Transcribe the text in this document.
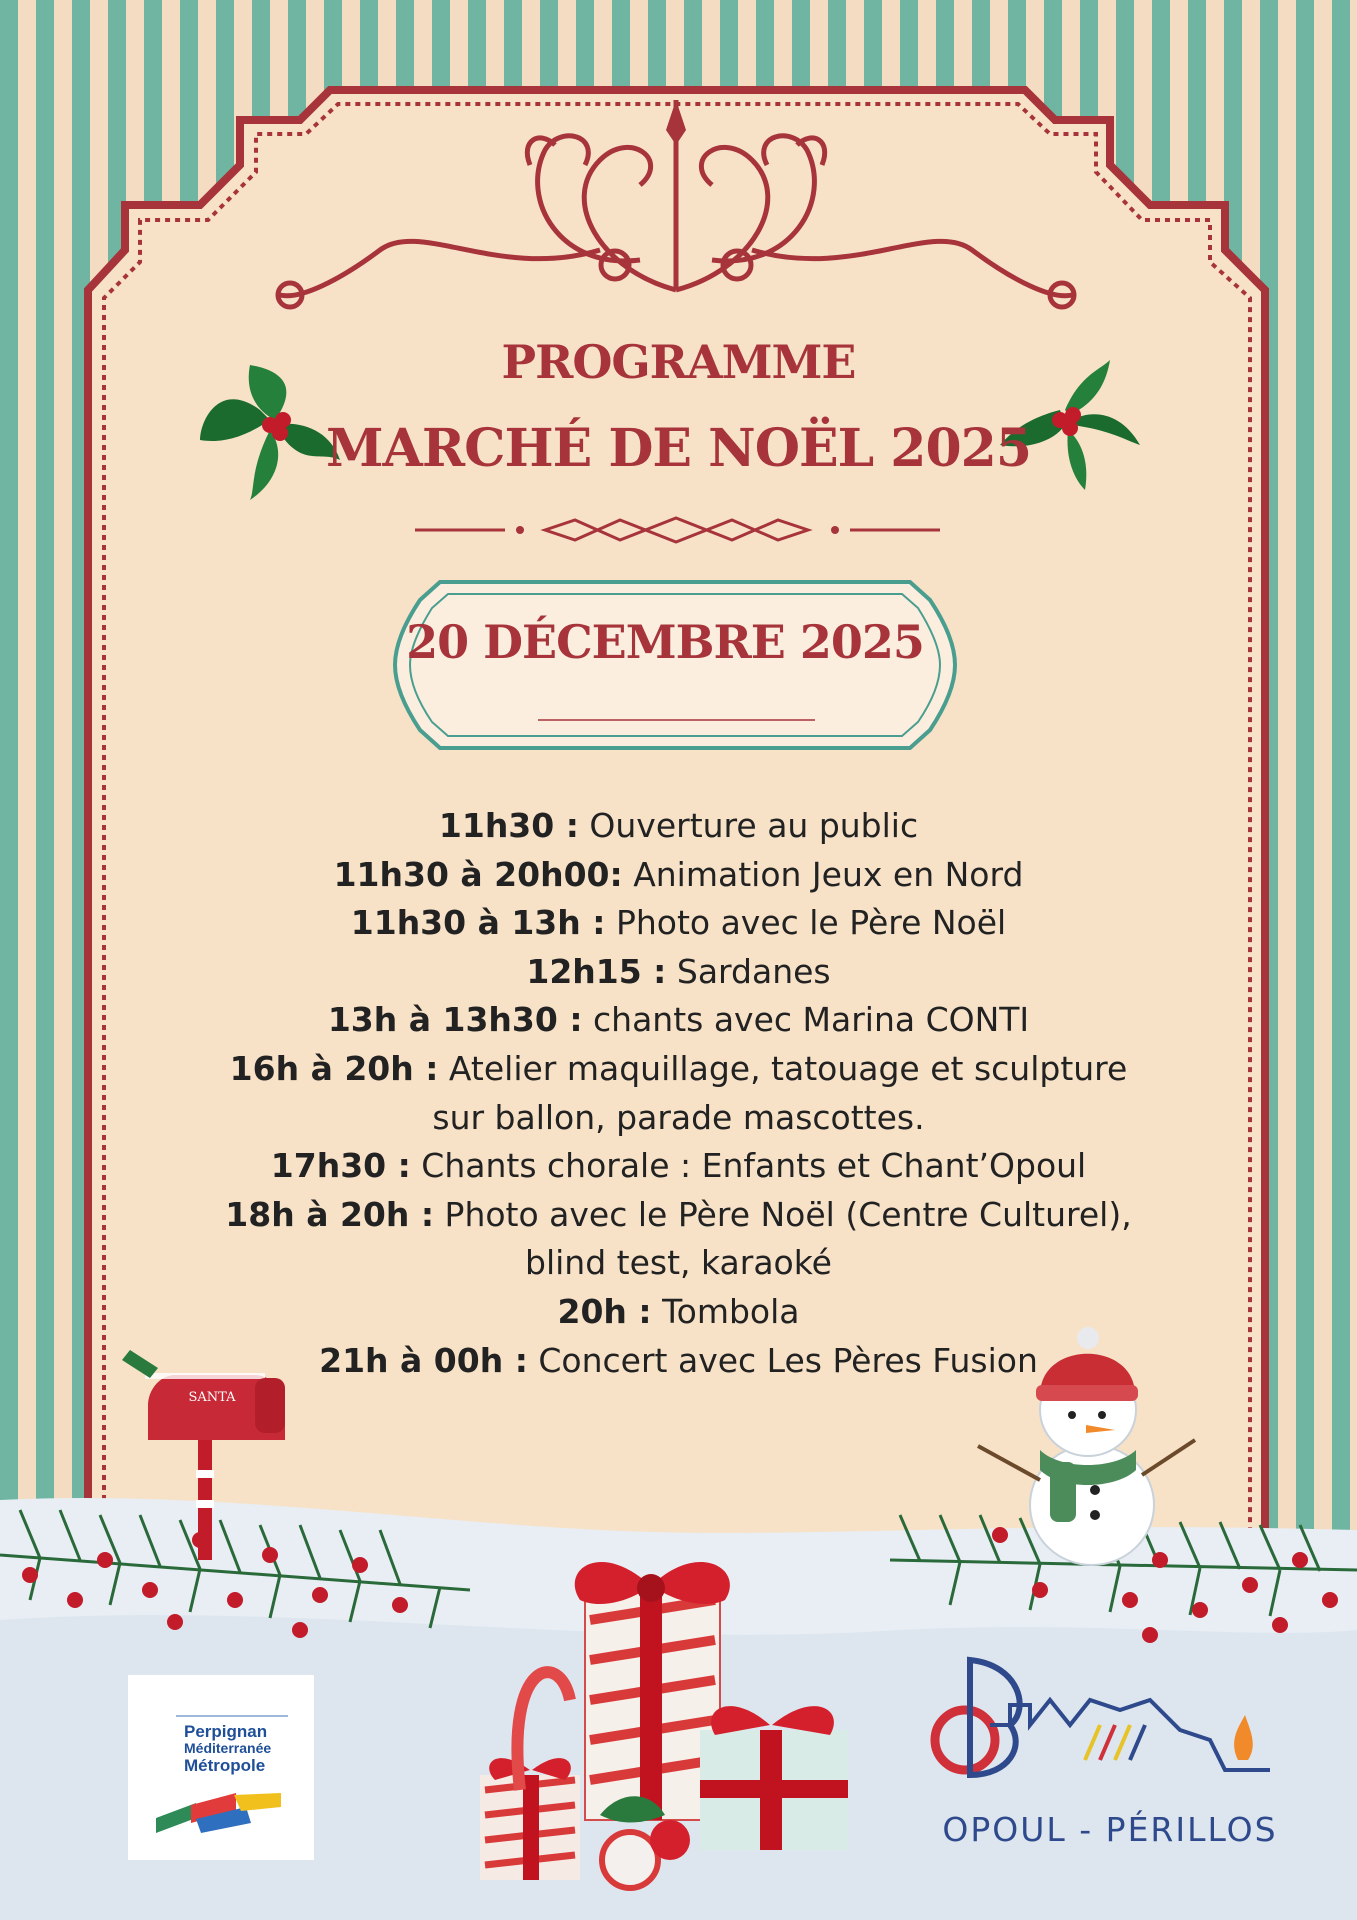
PROGRAMME
MARCHÉ DE NOËL 2025
20 DÉCEMBRE 2025
11h30 : Ouverture au public
11h30 à 20h00: Animation Jeux en Nord
11h30 à 13h : Photo avec le Père Noël
12h15 : Sardanes
13h à 13h30 : chants avec Marina CONTI
16h à 20h : Atelier maquillage, tatouage et sculpture sur ballon, parade mascottes.
17h30 : Chants chorale : Enfants et Chant’Opoul
18h à 20h : Photo avec le Père Noël (Centre Culturel), blind test, karaoké
20h : Tombola
21h à 00h : Concert avec Les Pères Fusion
SANTA
Perpignan
Méditerranée
Métropole
OPOUL - PÉRILLOS
